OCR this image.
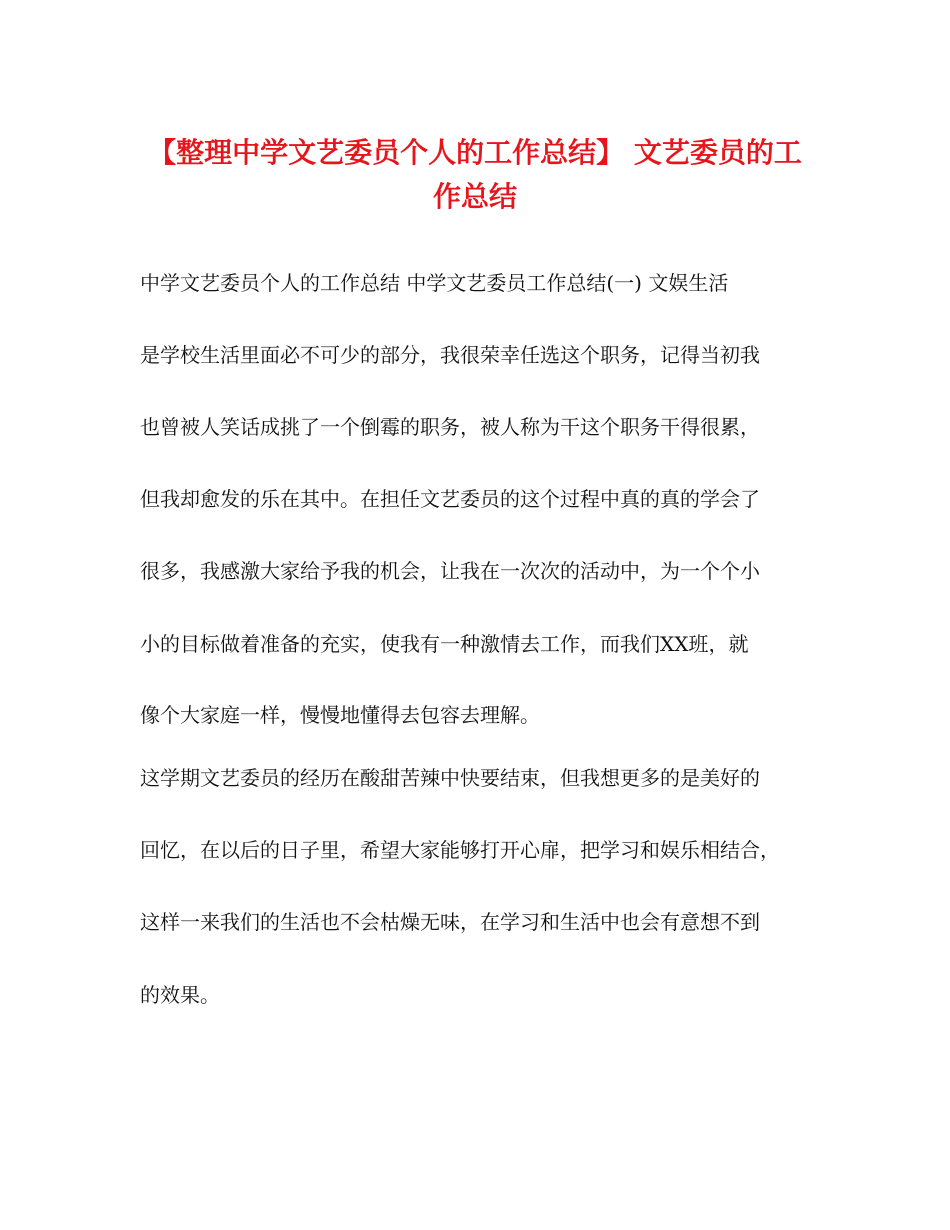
【整理中学文艺委员个人的工作总结】 文艺委员的工
作总结
中学文艺委员个人的工作总结 中学文艺委员工作总结(一) 文娱生活
是学校生活里面必不可少的部分，我很荣幸任选这个职务，记得当初我
也曾被人笑话成挑了一个倒霉的职务，被人称为干这个职务干得很累，
但我却愈发的乐在其中。在担任文艺委员的这个过程中真的真的学会了
很多，我感激大家给予我的机会，让我在一次次的活动中，为一个个小
小的目标做着准备的充实，使我有一种激情去工作，而我们XX班，就
像个大家庭一样，慢慢地懂得去包容去理解。
这学期文艺委员的经历在酸甜苦辣中快要结束，但我想更多的是美好的
回忆，在以后的日子里，希望大家能够打开心扉，把学习和娱乐相结合，
这样一来我们的生活也不会枯燥无味，在学习和生活中也会有意想不到
的效果。
